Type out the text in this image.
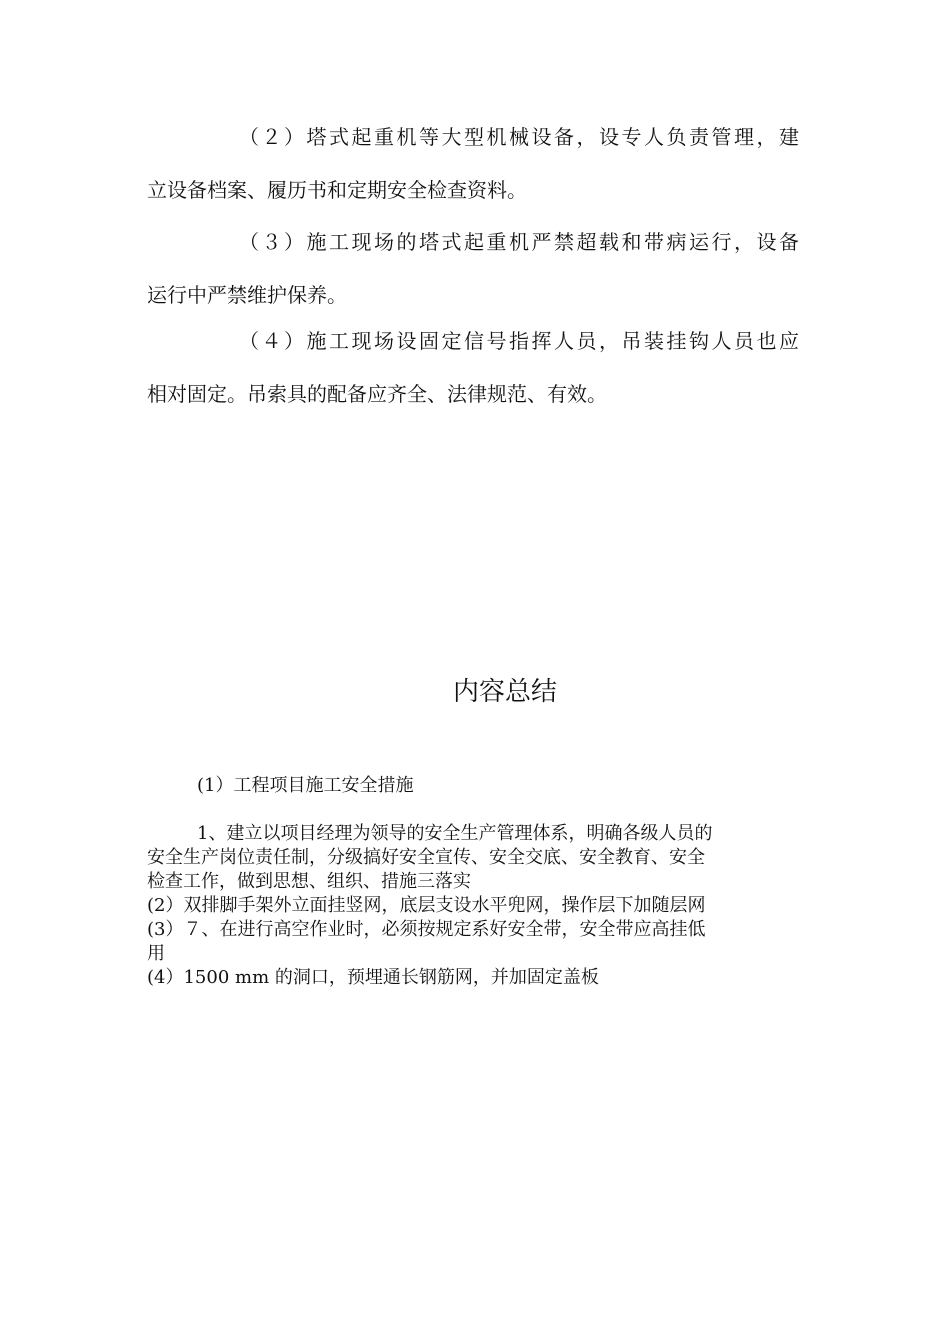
（２）塔式起重机等大型机械设备，设专人负责管理，建
立设备档案、履历书和定期安全检查资料。
（３）施工现场的塔式起重机严禁超载和带病运行，设备
运行中严禁维护保养。
（４）施工现场设固定信号指挥人员，吊装挂钩人员也应
相对固定。吊索具的配备应齐全、法律规范、有效。
内容总结
(1）工程项目施工安全措施
1、建立以项目经理为领导的安全生产管理体系，明确各级人员的
安全生产岗位责任制，分级搞好安全宣传、安全交底、安全教育、安全
检查工作，做到思想、组织、措施三落实
(2）双排脚手架外立面挂竖网，底层支设水平兜网，操作层下加随层网
(3）７、在进行高空作业时，必须按规定系好安全带，安全带应高挂低
用
(4）1500 mm 的洞口，预埋通长钢筋网，并加固定盖板
